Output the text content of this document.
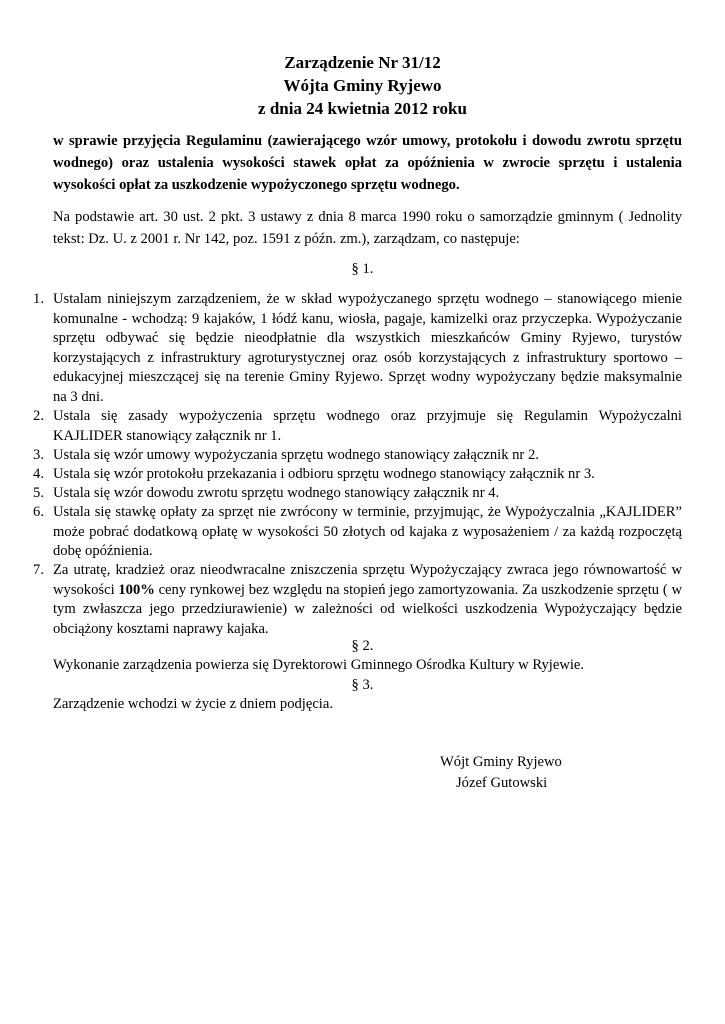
Zarządzenie Nr 31/12
Wójta Gminy Ryjewo
z dnia 24 kwietnia 2012 roku
w sprawie przyjęcia Regulaminu (zawierającego wzór umowy, protokołu i dowodu zwrotu sprzętu wodnego) oraz ustalenia wysokości stawek opłat za opóźnienia w zwrocie sprzętu i ustalenia wysokości opłat za uszkodzenie wypożyczonego sprzętu wodnego.
Na podstawie art. 30 ust. 2 pkt. 3 ustawy z dnia 8 marca 1990 roku o samorządzie gminnym ( Jednolity tekst: Dz. U. z 2001 r. Nr 142, poz. 1591 z późn. zm.), zarządzam, co następuje:
§ 1.
1. Ustalam niniejszym zarządzeniem, że w skład wypożyczanego sprzętu wodnego – stanowiącego mienie komunalne - wchodzą: 9 kajaków, 1 łódź kanu, wiosła, pagaje, kamizelki oraz przyczepka. Wypożyczanie sprzętu odbywać się będzie nieodpłatnie dla wszystkich mieszkańców Gminy Ryjewo, turystów korzystających z infrastruktury agroturystycznej oraz osób korzystających z infrastruktury sportowo – edukacyjnej mieszczącej się na terenie Gminy Ryjewo. Sprzęt wodny wypożyczany będzie maksymalnie na 3 dni.
2. Ustala się zasady wypożyczenia sprzętu wodnego oraz przyjmuje się Regulamin Wypożyczalni KAJLIDER stanowiący załącznik nr 1.
3. Ustala się wzór umowy wypożyczania sprzętu wodnego stanowiący załącznik nr 2.
4. Ustala się wzór protokołu przekazania i odbioru sprzętu wodnego stanowiący załącznik nr 3.
5. Ustala się wzór dowodu zwrotu sprzętu wodnego stanowiący załącznik nr 4.
6. Ustala się stawkę opłaty za sprzęt nie zwrócony w terminie, przyjmując, że Wypożyczalnia „KAJLIDER” może pobrać dodatkową opłatę w wysokości 50 złotych od kajaka z wyposażeniem / za każdą rozpoczętą dobę opóźnienia.
7. Za utratę, kradzież oraz nieodwracalne zniszczenia sprzętu Wypożyczający zwraca jego równowartość w wysokości 100% ceny rynkowej bez względu na stopień jego zamortyzowania. Za uszkodzenie sprzętu ( w tym zwłaszcza jego przedziurawienie) w zależności od wielkości uszkodzenia Wypożyczający będzie obciążony kosztami naprawy kajaka.
§ 2.
Wykonanie zarządzenia powierza się Dyrektorowi Gminnego Ośrodka Kultury w Ryjewie.
§ 3.
Zarządzenie wchodzi w życie z dniem podjęcia.
Wójt Gminy Ryjewo
Józef Gutowski
